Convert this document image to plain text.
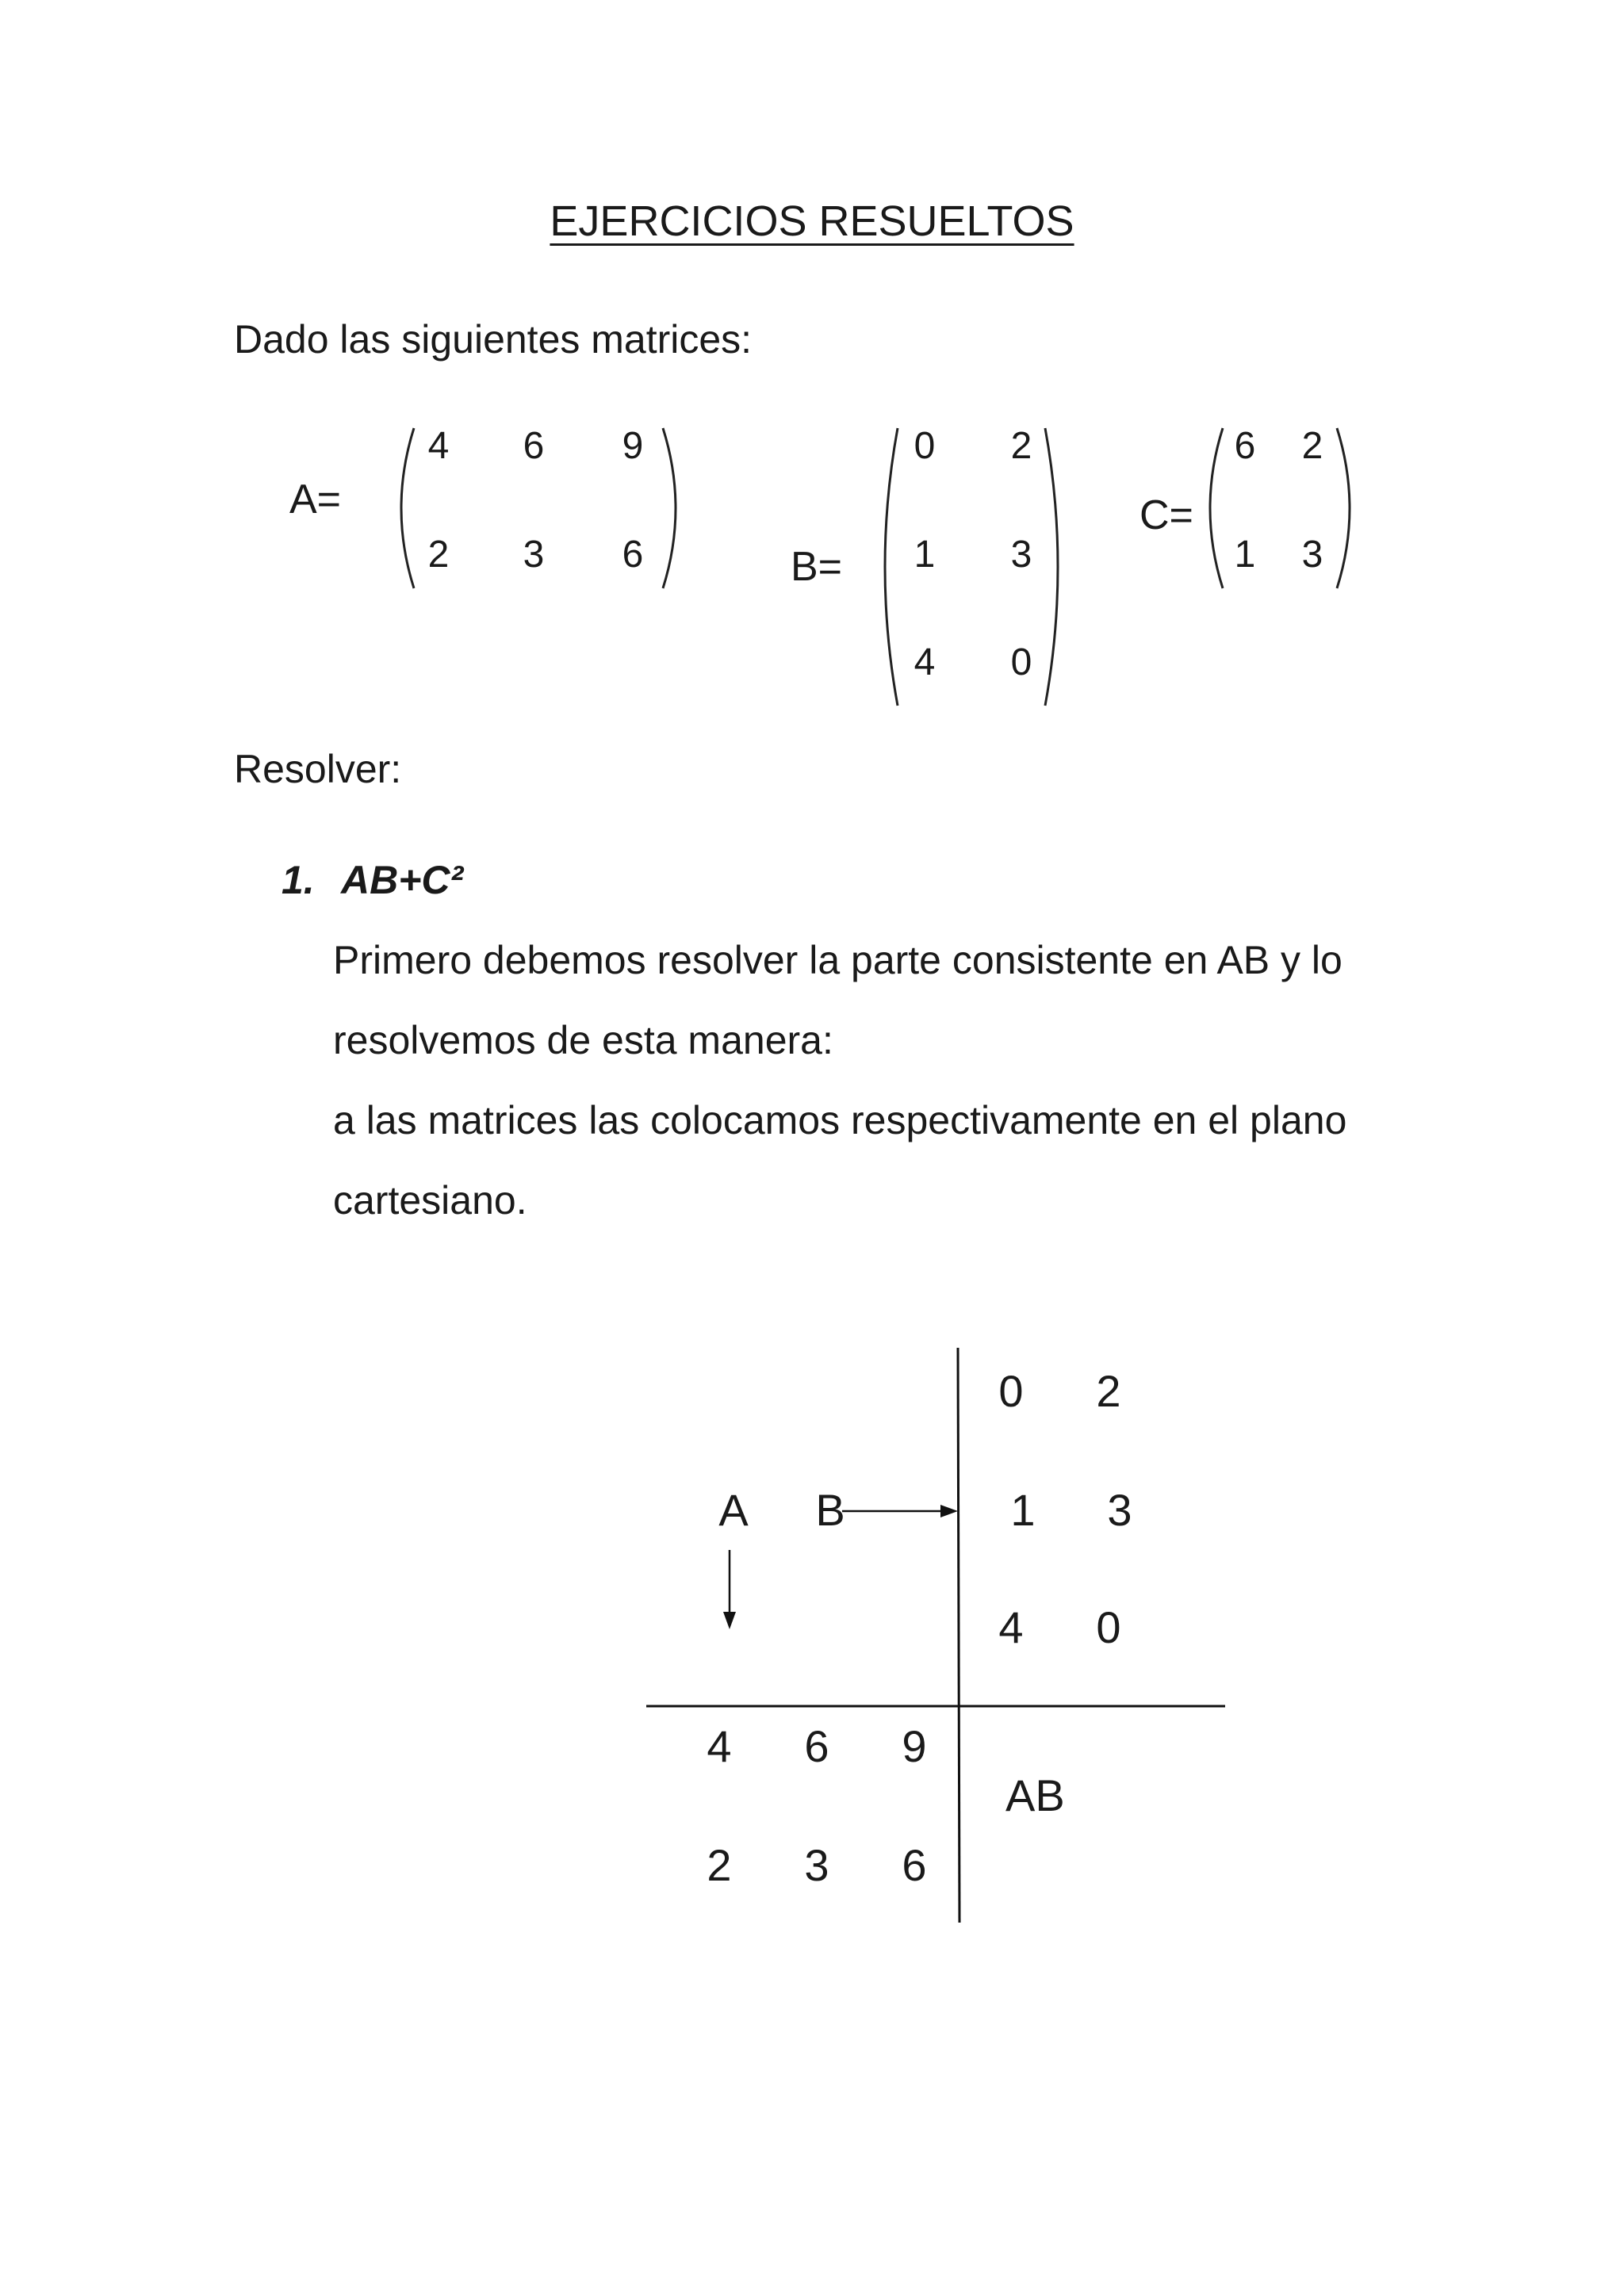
EJERCICIOS RESUELTOS
Dado las siguientes matrices:
A=
4	6	9
2	3	6	B=
0	2
1	3
4	0
C=
6	2
1	3
Resolver:
1. AB+C²
Primero debemos resolver la parte consistente en AB y lo
resolvemos de esta manera:
a las matrices las colocamos respectivamente en el plano
cartesiano.
A B
0 2
1 3
4 0
4 6 9
2 3 6
AB
